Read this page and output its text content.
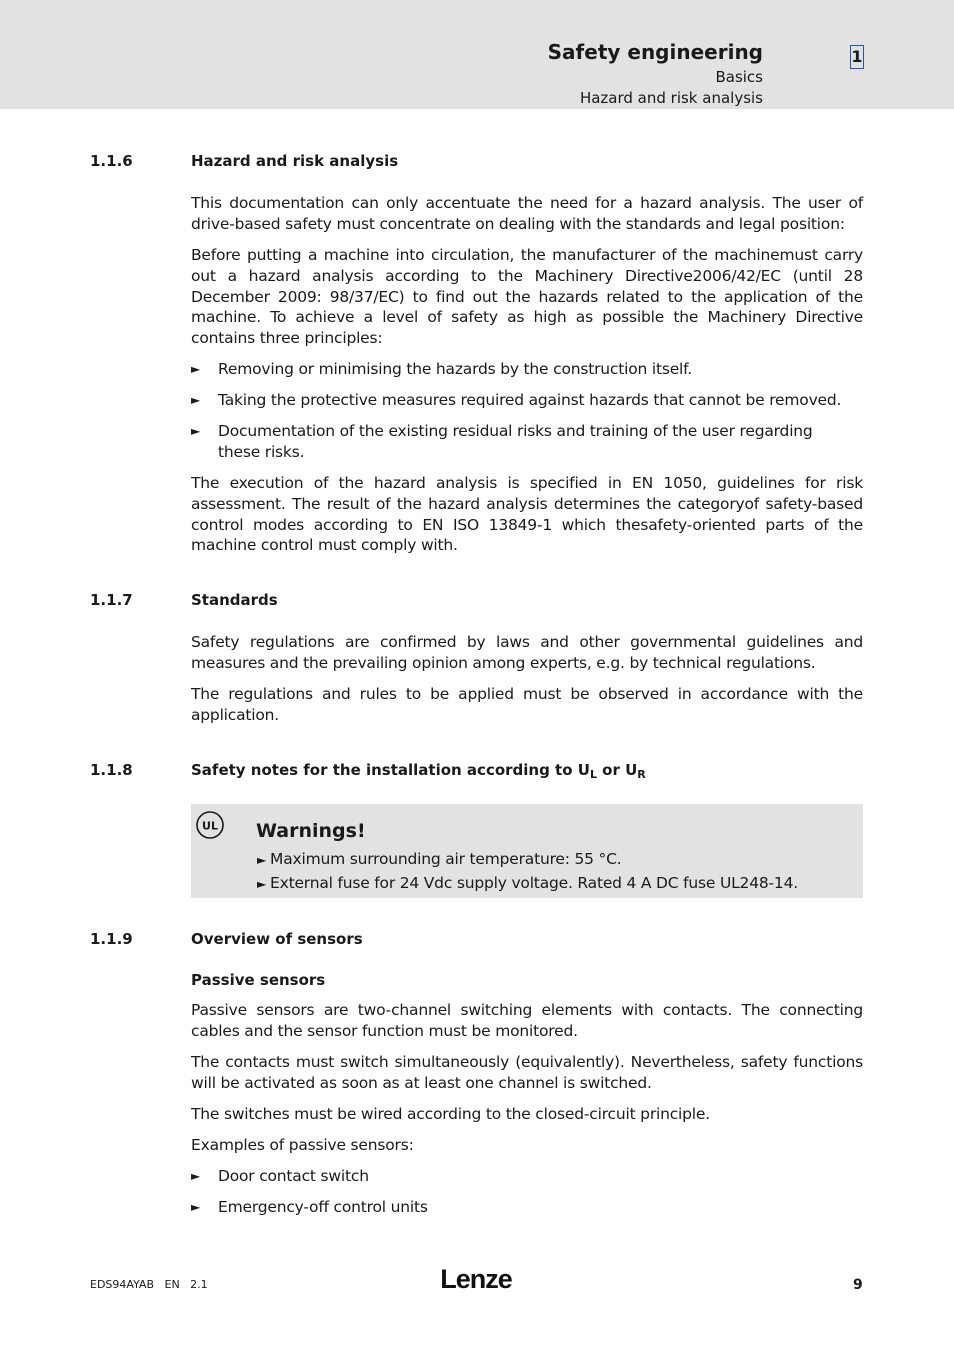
Safety engineering
Basics
Hazard and risk analysis
1
1.1.6	Hazard and risk analysis

This documentation can only accentuate the need for a hazard analysis. The user of drive-based safety must concentrate on dealing with the standards and legal position:

Before putting a machine into circulation, the manufacturer of the machinemust carry out a hazard analysis according to the Machinery Directive2006/42/EC (until 28 December 2009: 98/37/EC) to find out the hazards related to the application of the machine. To achieve a level of safety as high as possible the Machinery Directive contains three principles:

► Removing or minimising the hazards by the construction itself.
► Taking the protective measures required against hazards that cannot be removed.
► Documentation of the existing residual risks and training of the user regarding these risks.

The execution of the hazard analysis is specified in EN 1050, guidelines for risk assessment. The result of the hazard analysis determines the categoryof safety-based control modes according to EN ISO 13849-1 which thesafety-oriented parts of the machine control must comply with.

1.1.7	Standards

Safety regulations are confirmed by laws and other governmental guidelines and measures and the prevailing opinion among experts, e.g. by technical regulations.

The regulations and rules to be applied must be observed in accordance with the application.

1.1.8	Safety notes for the installation according to $U_L$ or $U_R$
UL Warnings!
► Maximum surrounding air temperature: 55 °C.
► External fuse for 24 Vdc supply voltage. Rated 4 A DC fuse UL248-14.
1.1.9	Overview of sensors
Passive sensors

Passive sensors are two-channel switching elements with contacts. The connecting cables and the sensor function must be monitored.

The contacts must switch simultaneously (equivalently). Nevertheless, safety functions will be activated as soon as at least one channel is switched.

The switches must be wired according to the closed-circuit principle.

Examples of passive sensors:

► Door contact switch
► Emergency-off control units
EDS94AYAB   EN   2.1	Lenze	9
